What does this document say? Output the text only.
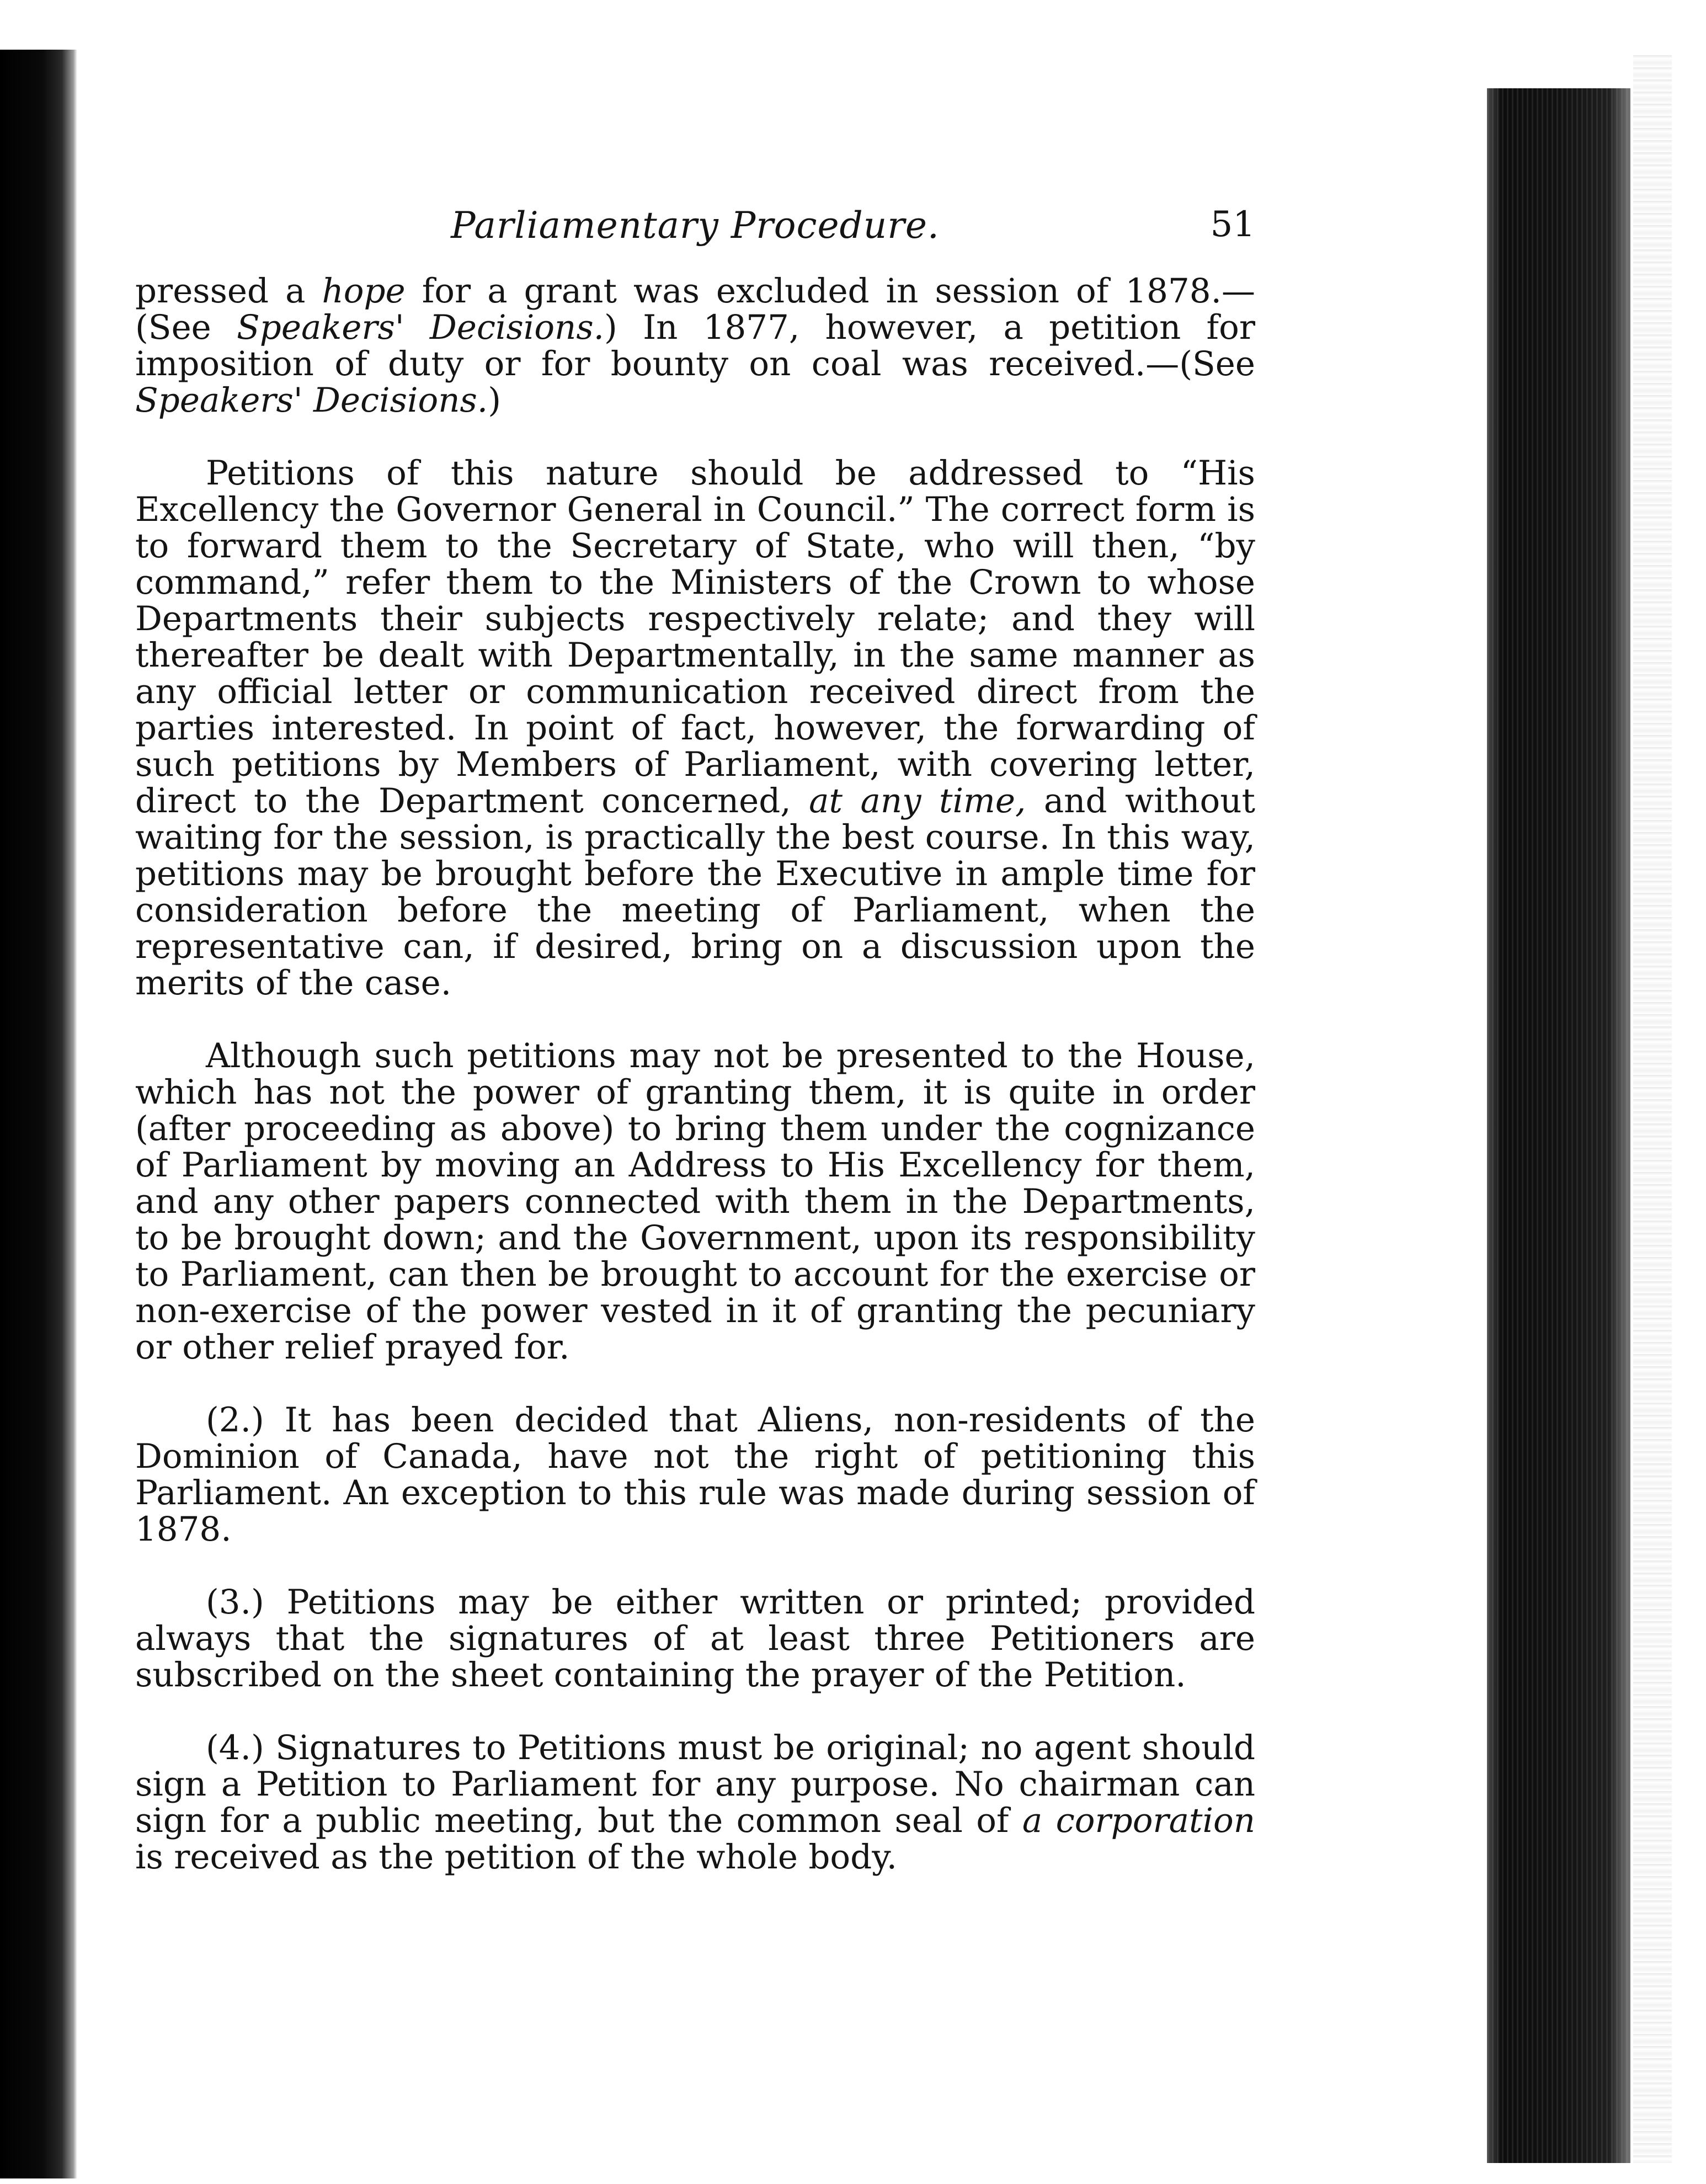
Parliamentary Procedure.	51

pressed a hope for a grant was excluded in session of 1878.—(See Speakers' Decisions.) In 1877, however, a petition for imposition of duty or for bounty on coal was received.—(See Speakers' Decisions.)

Petitions of this nature should be addressed to “His Excellency the Governor General in Council.” The correct form is to forward them to the Secretary of State, who will then, “by command,” refer them to the Ministers of the Crown to whose Departments their subjects respectively relate; and they will thereafter be dealt with Departmentally, in the same manner as any official letter or communication received direct from the parties interested. In point of fact, however, the forwarding of such petitions by Members of Parliament, with covering letter, direct to the Department concerned, at any time, and without waiting for the session, is practically the best course. In this way, petitions may be brought before the Executive in ample time for consideration before the meeting of Parliament, when the representative can, if desired, bring on a discussion upon the merits of the case.

Although such petitions may not be presented to the House, which has not the power of granting them, it is quite in order (after proceeding as above) to bring them under the cognizance of Parliament by moving an Address to His Excellency for them, and any other papers connected with them in the Departments, to be brought down; and the Government, upon its responsibility to Parliament, can then be brought to account for the exercise or non-exercise of the power vested in it of granting the pecuniary or other relief prayed for.

(2.) It has been decided that Aliens, non-residents of the Dominion of Canada, have not the right of petitioning this Parliament. An exception to this rule was made during session of 1878.

(3.) Petitions may be either written or printed; provided always that the signatures of at least three Petitioners are subscribed on the sheet containing the prayer of the Petition.

(4.) Signatures to Petitions must be original; no agent should sign a Petition to Parliament for any purpose. No chairman can sign for a public meeting, but the common seal of a corporation is received as the petition of the whole body.
